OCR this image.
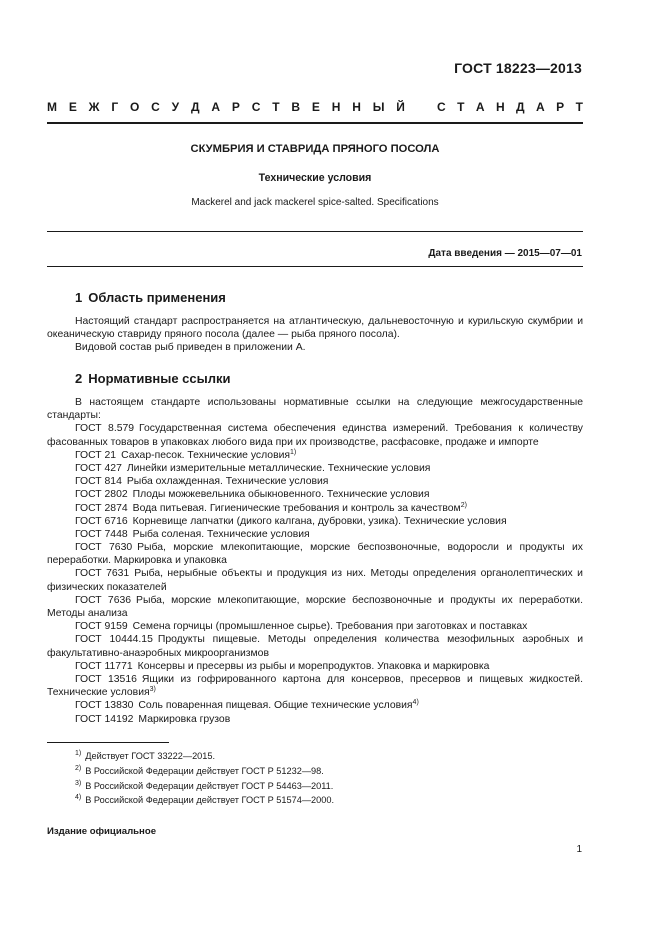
ГОСТ 18223—2013
М Е Ж Г О С У Д А Р С Т В Е Н Н Ы Й	С Т А Н Д А Р Т
СКУМБРИЯ И СТАВРИДА ПРЯНОГО ПОСОЛА
Технические условия
Mackerel and jack mackerel spice-salted. Specifications
Дата введения — 2015—07—01
1 Область применения

Настоящий стандарт распространяется на атлантическую, дальневосточную и курильскую скумбрии и океаническую ставриду пряного посола (далее — рыба пряного посола).

Видовой состав рыб приведен в приложении А.

2 Нормативные ссылки
В настоящем стандарте использованы нормативные ссылки на следующие межгосударственные стандарты:
ГОСТ 8.579 Государственная система обеспечения единства измерений. Требования к количеству фасованных товаров в упаковках любого вида при их производстве, расфасовке, продаже и импорте
ГОСТ 21 Сахар-песок. Технические условия$^{1)}$
ГОСТ 427 Линейки измерительные металлические. Технические условия
ГОСТ 814 Рыба охлажденная. Технические условия
ГОСТ 2802 Плоды можжевельника обыкновенного. Технические условия
ГОСТ 2874 Вода питьевая. Гигиенические требования и контроль за качеством$^{2)}$
ГОСТ 6716 Корневище лапчатки (дикого калгана, дубровки, узика). Технические условия
ГОСТ 7448 Рыба соленая. Технические условия
ГОСТ 7630 Рыба, морские млекопитающие, морские беспозвоночные, водоросли и продукты их переработки. Маркировка и упаковка
ГОСТ 7631 Рыба, нерыбные объекты и продукция из них. Методы определения органолептических и физических показателей
ГОСТ 7636 Рыба, морские млекопитающие, морские беспозвоночные и продукты их переработки. Методы анализа
ГОСТ 9159 Семена горчицы (промышленное сырье). Требования при заготовках и поставках
ГОСТ 10444.15 Продукты пищевые. Методы определения количества мезофильных аэробных и факультативно-анаэробных микроорганизмов
ГОСТ 11771 Консервы и пресервы из рыбы и морепродуктов. Упаковка и маркировка
ГОСТ 13516 Ящики из гофрированного картона для консервов, пресервов и пищевых жидкостей. Технические условия$^{3)}$
ГОСТ 13830 Соль поваренная пищевая. Общие технические условия$^{4)}$
ГОСТ 14192 Маркировка грузов
$^{1)}$ Действует ГОСТ 33222—2015.
$^{2)}$ В Российской Федерации действует ГОСТ Р 51232—98.
$^{3)}$ В Российской Федерации действует ГОСТ Р 54463—2011.
$^{4)}$ В Российской Федерации действует ГОСТ Р 51574—2000.
Издание официальное
1
